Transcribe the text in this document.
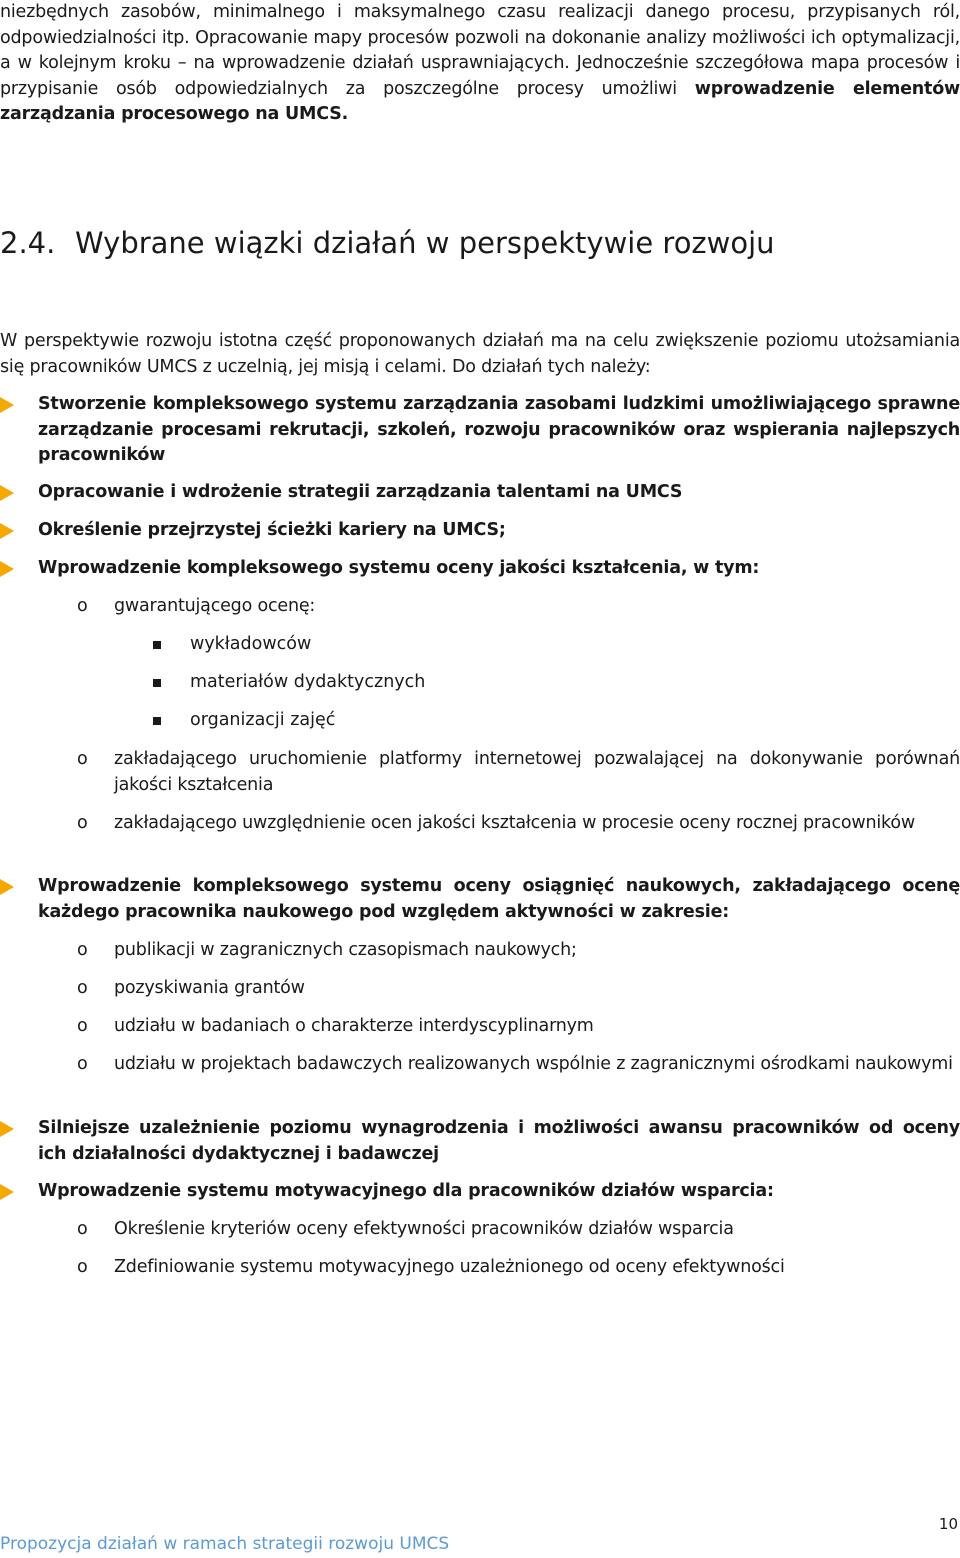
niezbędnych zasobów, minimalnego i maksymalnego czasu realizacji danego procesu, przypisanych ról, odpowiedzialności itp. Opracowanie mapy procesów pozwoli na dokonanie analizy możliwości ich optymalizacji, a w kolejnym kroku – na wprowadzenie działań usprawniających. Jednocześnie szczegółowa mapa procesów i przypisanie osób odpowiedzialnych za poszczególne procesy umożliwi wprowadzenie elementów zarządzania procesowego na UMCS.

2.4. Wybrane wiązki działań w perspektywie rozwoju

W perspektywie rozwoju istotna część proponowanych działań ma na celu zwiększenie poziomu utożsamiania się pracowników UMCS z uczelnią, jej misją i celami. Do działań tych należy:

Stworzenie kompleksowego systemu zarządzania zasobami ludzkimi umożliwiającego sprawne zarządzanie procesami rekrutacji, szkoleń, rozwoju pracowników oraz wspierania najlepszych pracowników
Opracowanie i wdrożenie strategii zarządzania talentami na UMCS
Określenie przejrzystej ścieżki kariery na UMCS;
Wprowadzenie kompleksowego systemu oceny jakości kształcenia, w tym:
o gwarantującego ocenę:
wykładowców
materiałów dydaktycznych
organizacji zajęć
o zakładającego uruchomienie platformy internetowej pozwalającej na dokonywanie porównań jakości kształcenia
o zakładającego uwzględnienie ocen jakości kształcenia w procesie oceny rocznej pracowników
Wprowadzenie kompleksowego systemu oceny osiągnięć naukowych, zakładającego ocenę każdego pracownika naukowego pod względem aktywności w zakresie:
o publikacji w zagranicznych czasopismach naukowych;
o pozyskiwania grantów
o udziału w badaniach o charakterze interdyscyplinarnym
o udziału w projektach badawczych realizowanych wspólnie z zagranicznymi ośrodkami naukowymi
Silniejsze uzależnienie poziomu wynagrodzenia i możliwości awansu pracowników od oceny ich działalności dydaktycznej i badawczej
Wprowadzenie systemu motywacyjnego dla pracowników działów wsparcia:
o Określenie kryteriów oceny efektywności pracowników działów wsparcia
o Zdefiniowanie systemu motywacyjnego uzależnionego od oceny efektywności
10
Propozycja działań w ramach strategii rozwoju UMCS
